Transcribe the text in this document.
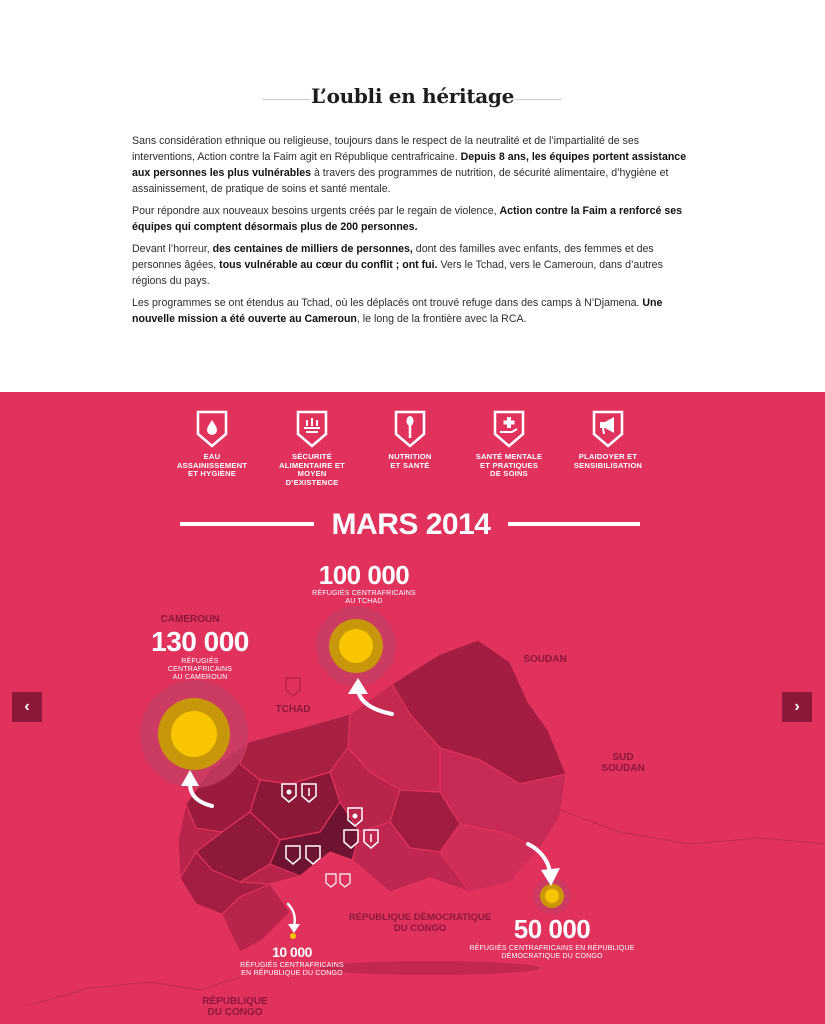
L’oubli en héritage

Sans considération ethnique ou religieuse, toujours dans le respect de la neutralité et de l’impartialité de ses interventions, Action contre la Faim agit en République centrafricaine. Depuis 8 ans, les équipes portent assistance aux personnes les plus vulnérables à travers des programmes de nutrition, de sécurité alimentaire, d’hygiène et assainissement, de pratique de soins et santé mentale.

Pour répondre aux nouveaux besoins urgents créés par le regain de violence, Action contre la Faim a renforcé ses équipes qui comptent désormais plus de 200 personnes.

Devant l’horreur, des centaines de milliers de personnes, dont des familles avec enfants, des femmes et des personnes âgées, tous vulnérable au cœur du conflit ; ont fui. Vers le Tchad, vers le Cameroun, dans d’autres régions du pays.

Les programmes se ont étendus au Tchad, où les déplacés ont trouvé refuge dans des camps à N’Djamena. Une nouvelle mission a été ouverte au Cameroun, le long de la frontière avec la RCA.

EAU
ASSAINISSEMENT
ET HYGIÈNE
SÉCURITÉ
ALIMENTAIRE ET
MOYEN
D’EXISTENCE
NUTRITION
ET SANTÉ
SANTÉ MENTALE
ET PRATIQUES
DE SOINS
PLAIDOYER ET
SENSIBILISATION
MARS 2014
100 000
RÉFUGIÉS CENTRAFRICAINS
AU TCHAD
CAMEROUN
130 000
RÉFUGIÉS
CENTRAFRICAINS
AU CAMEROUN
TCHAD
SOUDAN
SUD
SOUDAN
RÉPUBLIQUE DÉMOCRATIQUE
DU CONGO
RÉPUBLIQUE
DU CONGO
50 000
RÉFUGIÉS CENTRAFRICAINS EN RÉPUBLIQUE
DÉMOCRATIQUE DU CONGO
10 000
RÉFUGIÉS CENTRAFRICAINS
EN RÉPUBLIQUE DU CONGO
‹	›
